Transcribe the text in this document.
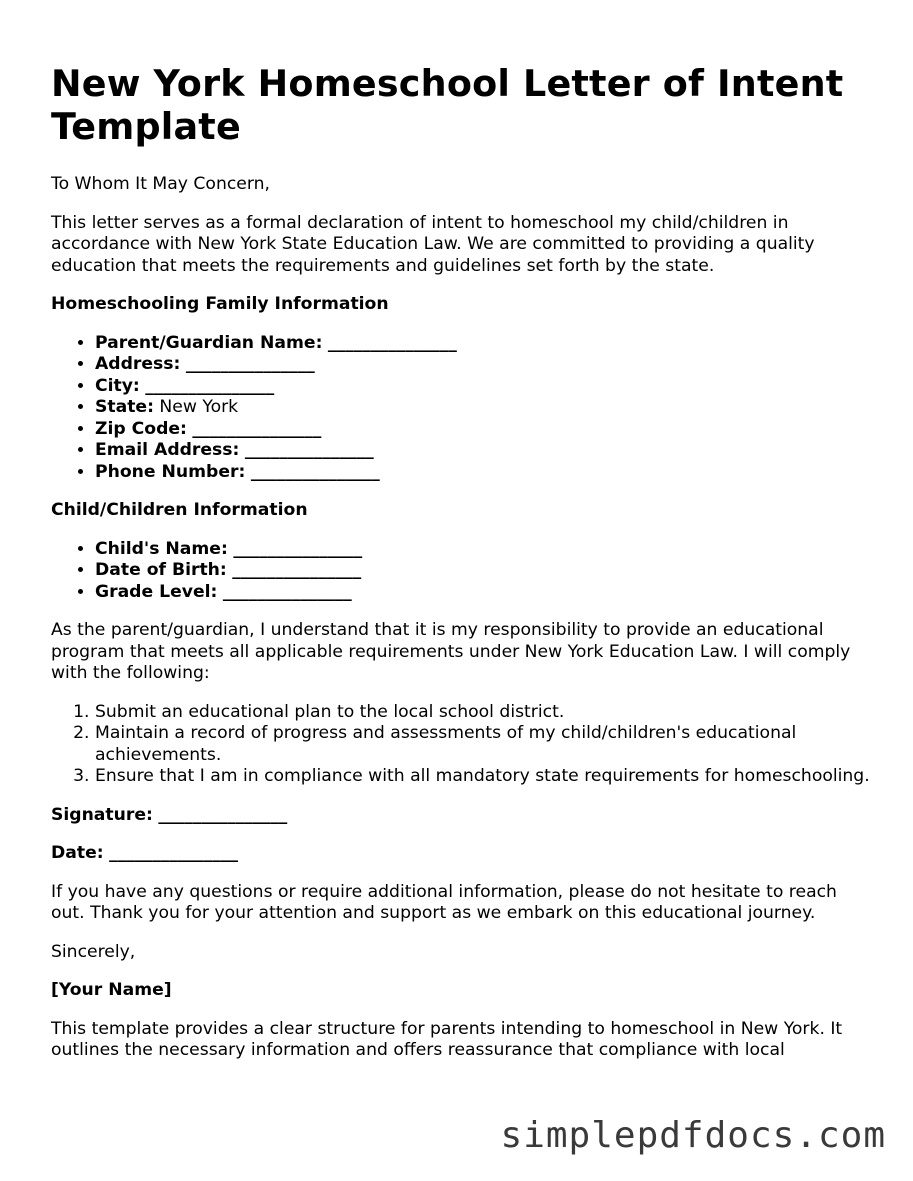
New York Homeschool Letter of Intent Template

To Whom It May Concern,

This letter serves as a formal declaration of intent to homeschool my child/children in accordance with New York State Education Law. We are committed to providing a quality education that meets the requirements and guidelines set forth by the state.

Homeschooling Family Information

• Parent/Guardian Name: _______________
• Address: _______________
• City: _______________
• State: New York
• Zip Code: _______________
• Email Address: _______________
• Phone Number: _______________

Child/Children Information

• Child's Name: _______________
• Date of Birth: _______________
• Grade Level: _______________

As the parent/guardian, I understand that it is my responsibility to provide an educational program that meets all applicable requirements under New York Education Law. I will comply with the following:

1. Submit an educational plan to the local school district.
2. Maintain a record of progress and assessments of my child/children's educational achievements.
3. Ensure that I am in compliance with all mandatory state requirements for homeschooling.

Signature: _______________

Date: _______________

If you have any questions or require additional information, please do not hesitate to reach out. Thank you for your attention and support as we embark on this educational journey.

Sincerely,

[Your Name]

This template provides a clear structure for parents intending to homeschool in New York. It outlines the necessary information and offers reassurance that compliance with local

simplepdfdocs.com
